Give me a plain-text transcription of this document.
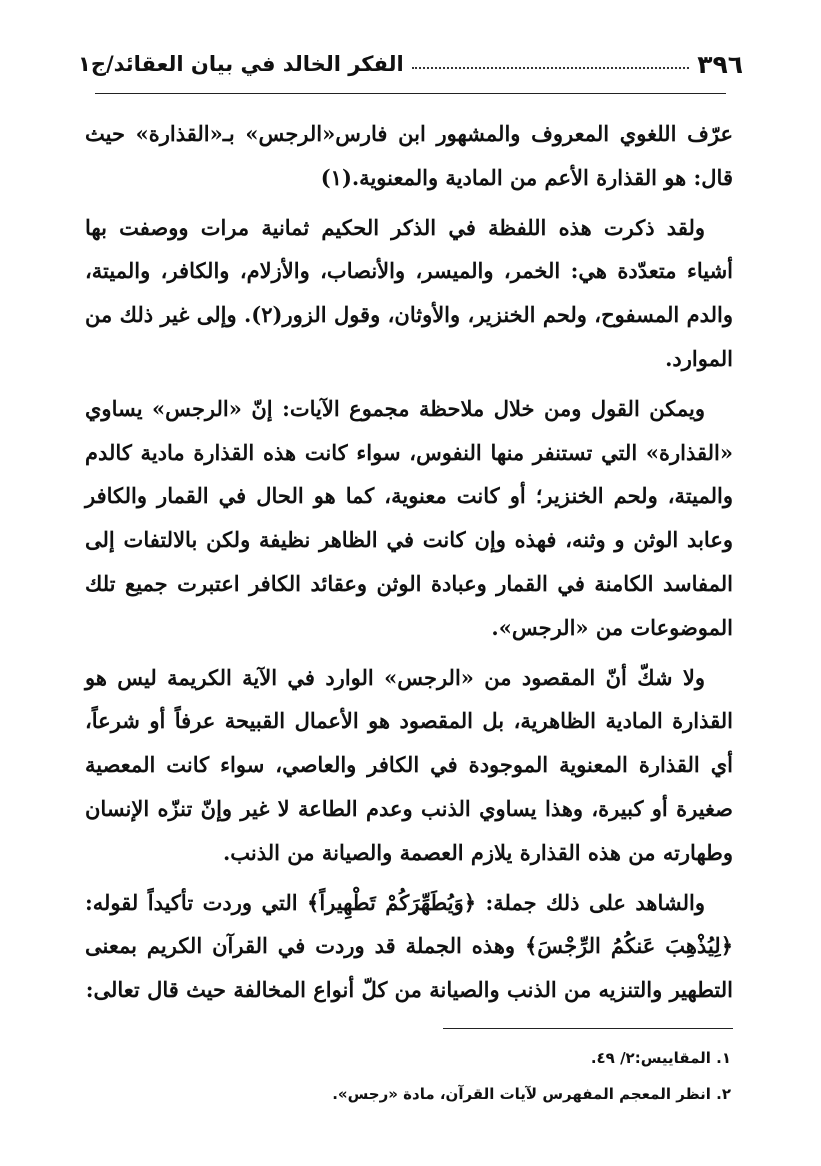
٣٩٦
الفكر الخالد في بيان العقائد/ج١

عرّف اللغوي المعروف والمشهور ابن فارس«الرجس» بـ«القذارة» حيث قال: هو القذارة الأعم من المادية والمعنوية.(١)

ولقد ذكرت هذه اللفظة في الذكر الحكيم ثمانية مرات ووصفت بها أشياء متعدّدة هي: الخمر، والميسر، والأنصاب، والأزلام، والكافر، والميتة، والدم المسفوح، ولحم الخنزير، والأوثان، وقول الزور(٢). وإلى غير ذلك من الموارد.

ويمكن القول ومن خلال ملاحظة مجموع الآيات: إنّ «الرجس» يساوي «القذارة» التي تستنفر منها النفوس، سواء كانت هذه القذارة مادية كالدم والميتة، ولحم الخنزير؛ أو كانت معنوية، كما هو الحال في القمار والكافر وعابد الوثن و وثنه، فهذه وإن كانت في الظاهر نظيفة ولكن بالالتفات إلى المفاسد الكامنة في القمار وعبادة الوثن وعقائد الكافر اعتبرت جميع تلك الموضوعات من «الرجس».

ولا شكّ أنّ المقصود من «الرجس» الوارد في الآية الكريمة ليس هو القذارة المادية الظاهرية، بل المقصود هو الأعمال القبيحة عرفاً أو شرعاً، أي القذارة المعنوية الموجودة في الكافر والعاصي، سواء كانت المعصية صغيرة أو كبيرة، وهذا يساوي الذنب وعدم الطاعة لا غير وإنّ تنزّه الإنسان وطهارته من هذه القذارة يلازم العصمة والصيانة من الذنب.

والشاهد على ذلك جملة: ﴿وَيُطَهِّرَكُمْ تَطْهِيراً﴾ التي وردت تأكيداً لقوله: ﴿لِيُذْهِبَ عَنكُمُ الرِّجْسَ﴾ وهذه الجملة قد وردت في القرآن الكريم بمعنى التطهير والتنزيه من الذنب والصيانة من كلّ أنواع المخالفة حيث قال تعالى:

١. المقاييس:٢/ ٤٩.
٢. انظر المعجم المفهرس لآيات القرآن، مادة «رجس».
